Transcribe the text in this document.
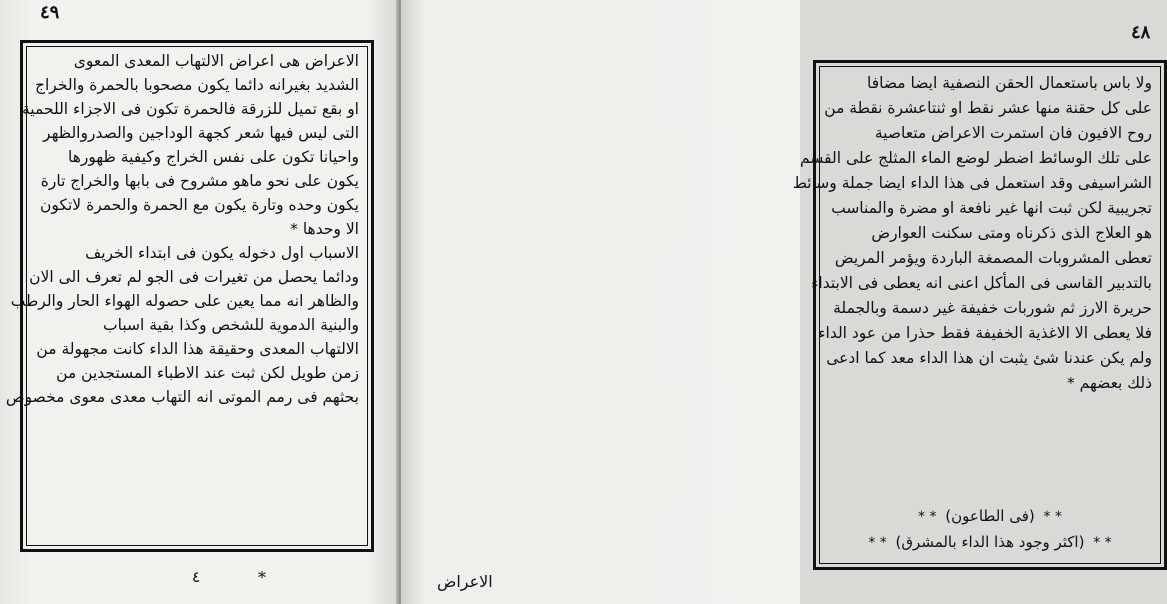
٤٩
الاعراض هى اعراض الالتهاب المعدى المعوى
الشديد بغيرانه دائما يكون مصحوبا بالحمرة والخراج
او بقع تميل للزرقة فالحمرة تكون فى الاجزاء اللحمية
التى ليس فيها شعر كجهة الوداجين والصدروالظهر
واحيانا تكون على نفس الخراج وكيفية ظهورها
يكون على نحو ماهو مشروح فى بابها والخراج تارة
يكون وحده وتارة يكون مع الحمرة والحمرة لاتكون
الا وحدها *
الاسباب اول دخوله يكون فى ابتداء الخريف
ودائما يحصل من تغيرات فى الجو لم تعرف الى الان
والظاهر انه مما يعين على حصوله الهواء الحار والرطب
والبنية الدموية للشخص وكذا بقية اسباب
الالتهاب المعدى وحقيقة هذا الداء كانت مجهولة من
زمن طويل لكن ثبت عند الاطباء المستجدين من
بحثهم فى رمم الموتى انه التهاب معدى معوى مخصوص
٤	*
٤٨
ولا باس باستعمال الحقن النصفية ايضا مضافا
على كل حقنة منها عشر نقط او ثنتاعشرة نقطة من
روح الافيون فان استمرت الاعراض متعاصية
على تلك الوسائط اضطر لوضع الماء المثلج على القسم
الشراسيفى وقد استعمل فى هذا الداء ايضا جملة وسائط
تجريبية لكن ثبت انها غير نافعة او مضرة والمناسب
هو العلاج الذى ذكرناه ومتى سكنت العوارض
تعطى المشروبات المصمغة الباردة ويؤمر المريض
بالتدبير القاسى فى المأكل اعنى انه يعطى فى الابتداء
حريرة الارز ثم شوربات خفيفة غير دسمة وبالجملة
فلا يعطى الا الاغذية الخفيفة فقط حذرا من عود الداء
ولم يكن عندنا شئ يثبت ان هذا الداء معد كما ادعى
ذلك بعضهم *
* * (فى الطاعون) * *
* * (اكثر وجود هذا الداء بالمشرق) * *
الاعراض
